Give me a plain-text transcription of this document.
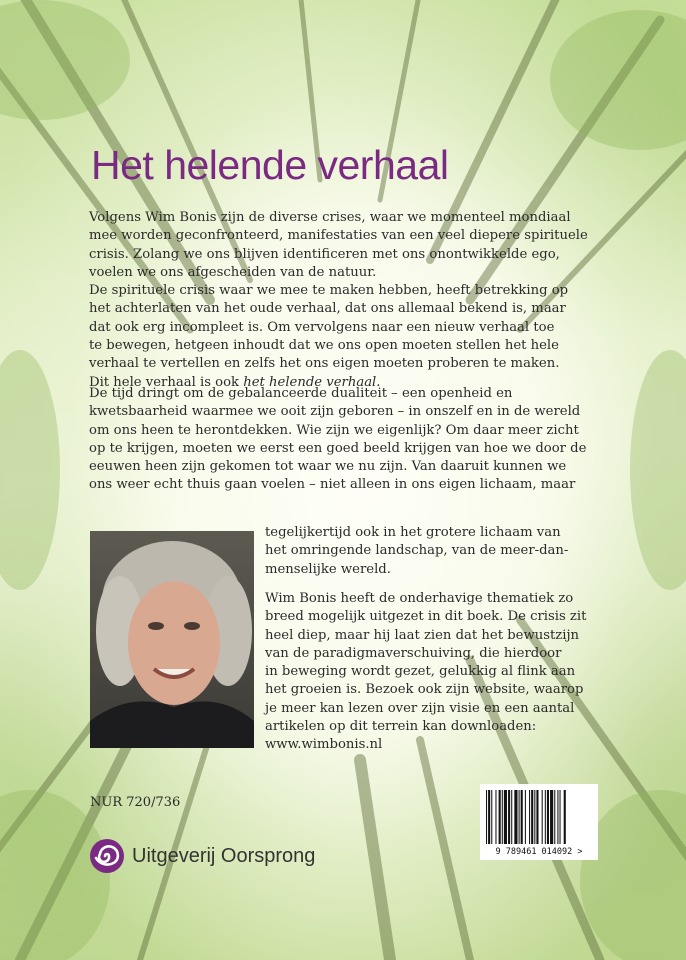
Het helende verhaal

Volgens Wim Bonis zijn de diverse crises, waar we momenteel mondiaal

mee worden geconfronteerd, manifestaties van een veel diepere spirituele

crisis. Zolang we ons blijven identificeren met ons onontwikkelde ego,

voelen we ons afgescheiden van de natuur.

De spirituele crisis waar we mee te maken hebben, heeft betrekking op

het achterlaten van het oude verhaal, dat ons allemaal bekend is, maar

dat ook erg incompleet is. Om vervolgens naar een nieuw verhaal toe

te bewegen, hetgeen inhoudt dat we ons open moeten stellen het hele

verhaal te vertellen en zelfs het ons eigen moeten proberen te maken.

Dit hele verhaal is ook het helende verhaal.

De tijd dringt om de gebalanceerde dualiteit – een openheid en

kwetsbaarheid waarmee we ooit zijn geboren – in onszelf en in de wereld

om ons heen te herontdekken. Wie zijn we eigenlijk? Om daar meer zicht

op te krijgen, moeten we eerst een goed beeld krijgen van hoe we door de

eeuwen heen zijn gekomen tot waar we nu zijn. Van daaruit kunnen we

ons weer echt thuis gaan voelen – niet alleen in ons eigen lichaam, maar

tegelijkertijd ook in het grotere lichaam van

het omringende landschap, van de meer-dan-

menselijke wereld.

Wim Bonis heeft de onderhavige thematiek zo

breed mogelijk uitgezet in dit boek. De crisis zit

heel diep, maar hij laat zien dat het bewustzijn

van de paradigmaverschuiving, die hierdoor

in beweging wordt gezet, gelukkig al flink aan

het groeien is. Bezoek ook zijn website, waarop

je meer kan lezen over zijn visie en een aantal

artikelen op dit terrein kan downloaden:

www.wimbonis.nl

NUR 720/736
Uitgeverij Oorsprong	9 789461 014092 >
